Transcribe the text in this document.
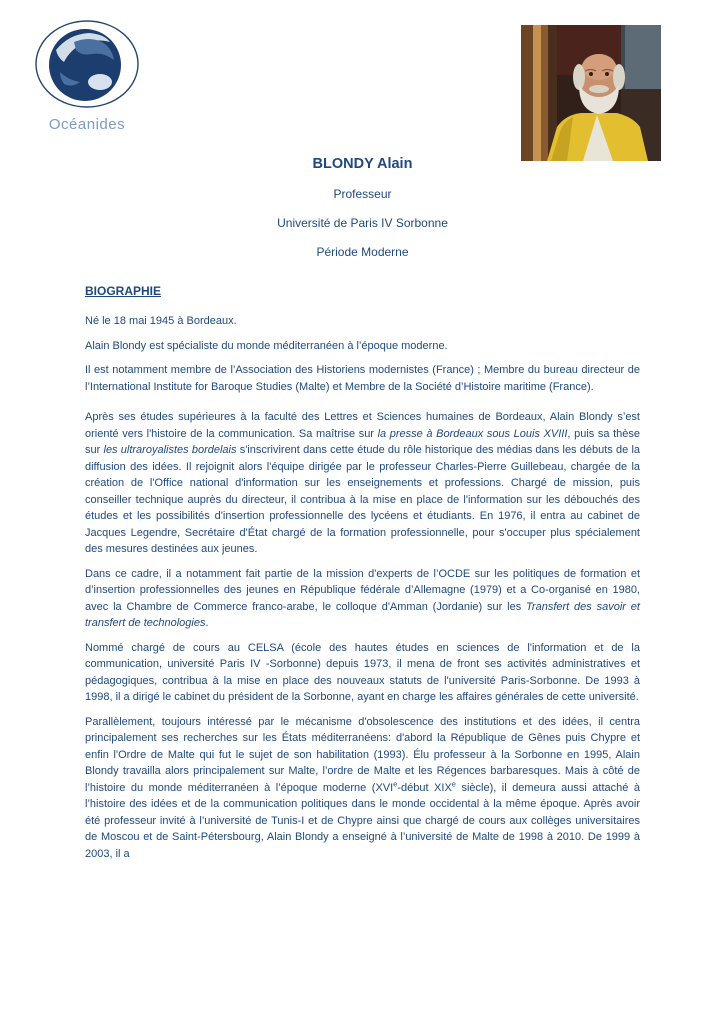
Océanides
BLONDY Alain

Professeur

Université de Paris IV Sorbonne

Période Moderne

BIOGRAPHIE

Né le 18 mai 1945 à Bordeaux.

Alain Blondy est spécialiste du monde méditerranéen à l’époque moderne.

Il est notamment membre de l’Association des Historiens modernistes (France) ; Membre du bureau directeur de l’International Institute for Baroque Studies (Malte) et Membre de la Société d’Histoire maritime (France).

Après ses études supérieures à la faculté des Lettres et Sciences humaines de Bordeaux, Alain Blondy s’est orienté vers l'histoire de la communication. Sa maîtrise sur la presse à Bordeaux sous Louis XVIII, puis sa thèse sur les ultraroyalistes bordelais s'inscrivirent dans cette étude du rôle historique des médias dans les débuts de la diffusion des idées. Il rejoignit alors l'équipe dirigée par le professeur Charles-Pierre Guillebeau, chargée de la création de l'Office national d'information sur les enseignements et professions. Chargé de mission, puis conseiller technique auprès du directeur, il contribua à la mise en place de l'information sur les débouchés des études et les possibilités d'insertion professionnelle des lycéens et étudiants. En 1976, il entra au cabinet de Jacques Legendre, Secrétaire d'État chargé de la formation professionnelle, pour s'occuper plus spécialement des mesures destinées aux jeunes.

Dans ce cadre, il a notamment fait partie de la mission d'experts de l’OCDE sur les politiques de formation et d’insertion professionnelles des jeunes en République fédérale d’Allemagne (1979) et a Co-organisé en 1980, avec la Chambre de Commerce franco-arabe, le colloque d'Amman (Jordanie) sur les Transfert des savoir et transfert de technologies.

Nommé chargé de cours au CELSA (école des hautes études en sciences de l'information et de la communication, université Paris IV -Sorbonne) depuis 1973, il mena de front ses activités administratives et pédagogiques, contribua à la mise en place des nouveaux statuts de l'université Paris-Sorbonne. De 1993 à 1998, il a dirigé le cabinet du président de la Sorbonne, ayant en charge les affaires générales de cette université.

Parallèlement, toujours intéressé par le mécanisme d'obsolescence des institutions et des idées, il centra principalement ses recherches sur les États méditerranéens: d'abord la République de Gênes puis Chypre et enfin l'Ordre de Malte qui fut le sujet de son habilitation (1993). Élu professeur à la Sorbonne en 1995, Alain Blondy travailla alors principalement sur Malte, l’ordre de Malte et les Régences barbaresques. Mais à côté de l’histoire du monde méditerranéen à l’époque moderne (XVIe-début XIXe siècle), il demeura aussi attaché à l’histoire des idées et de la communication politiques dans le monde occidental à la même époque. Après avoir été professeur invité à l’université de Tunis-I et de Chypre ainsi que chargé de cours aux collèges universitaires de Moscou et de Saint-Pétersbourg, Alain Blondy a enseigné à l’université de Malte de 1998 à 2010. De 1999 à 2003, il a
